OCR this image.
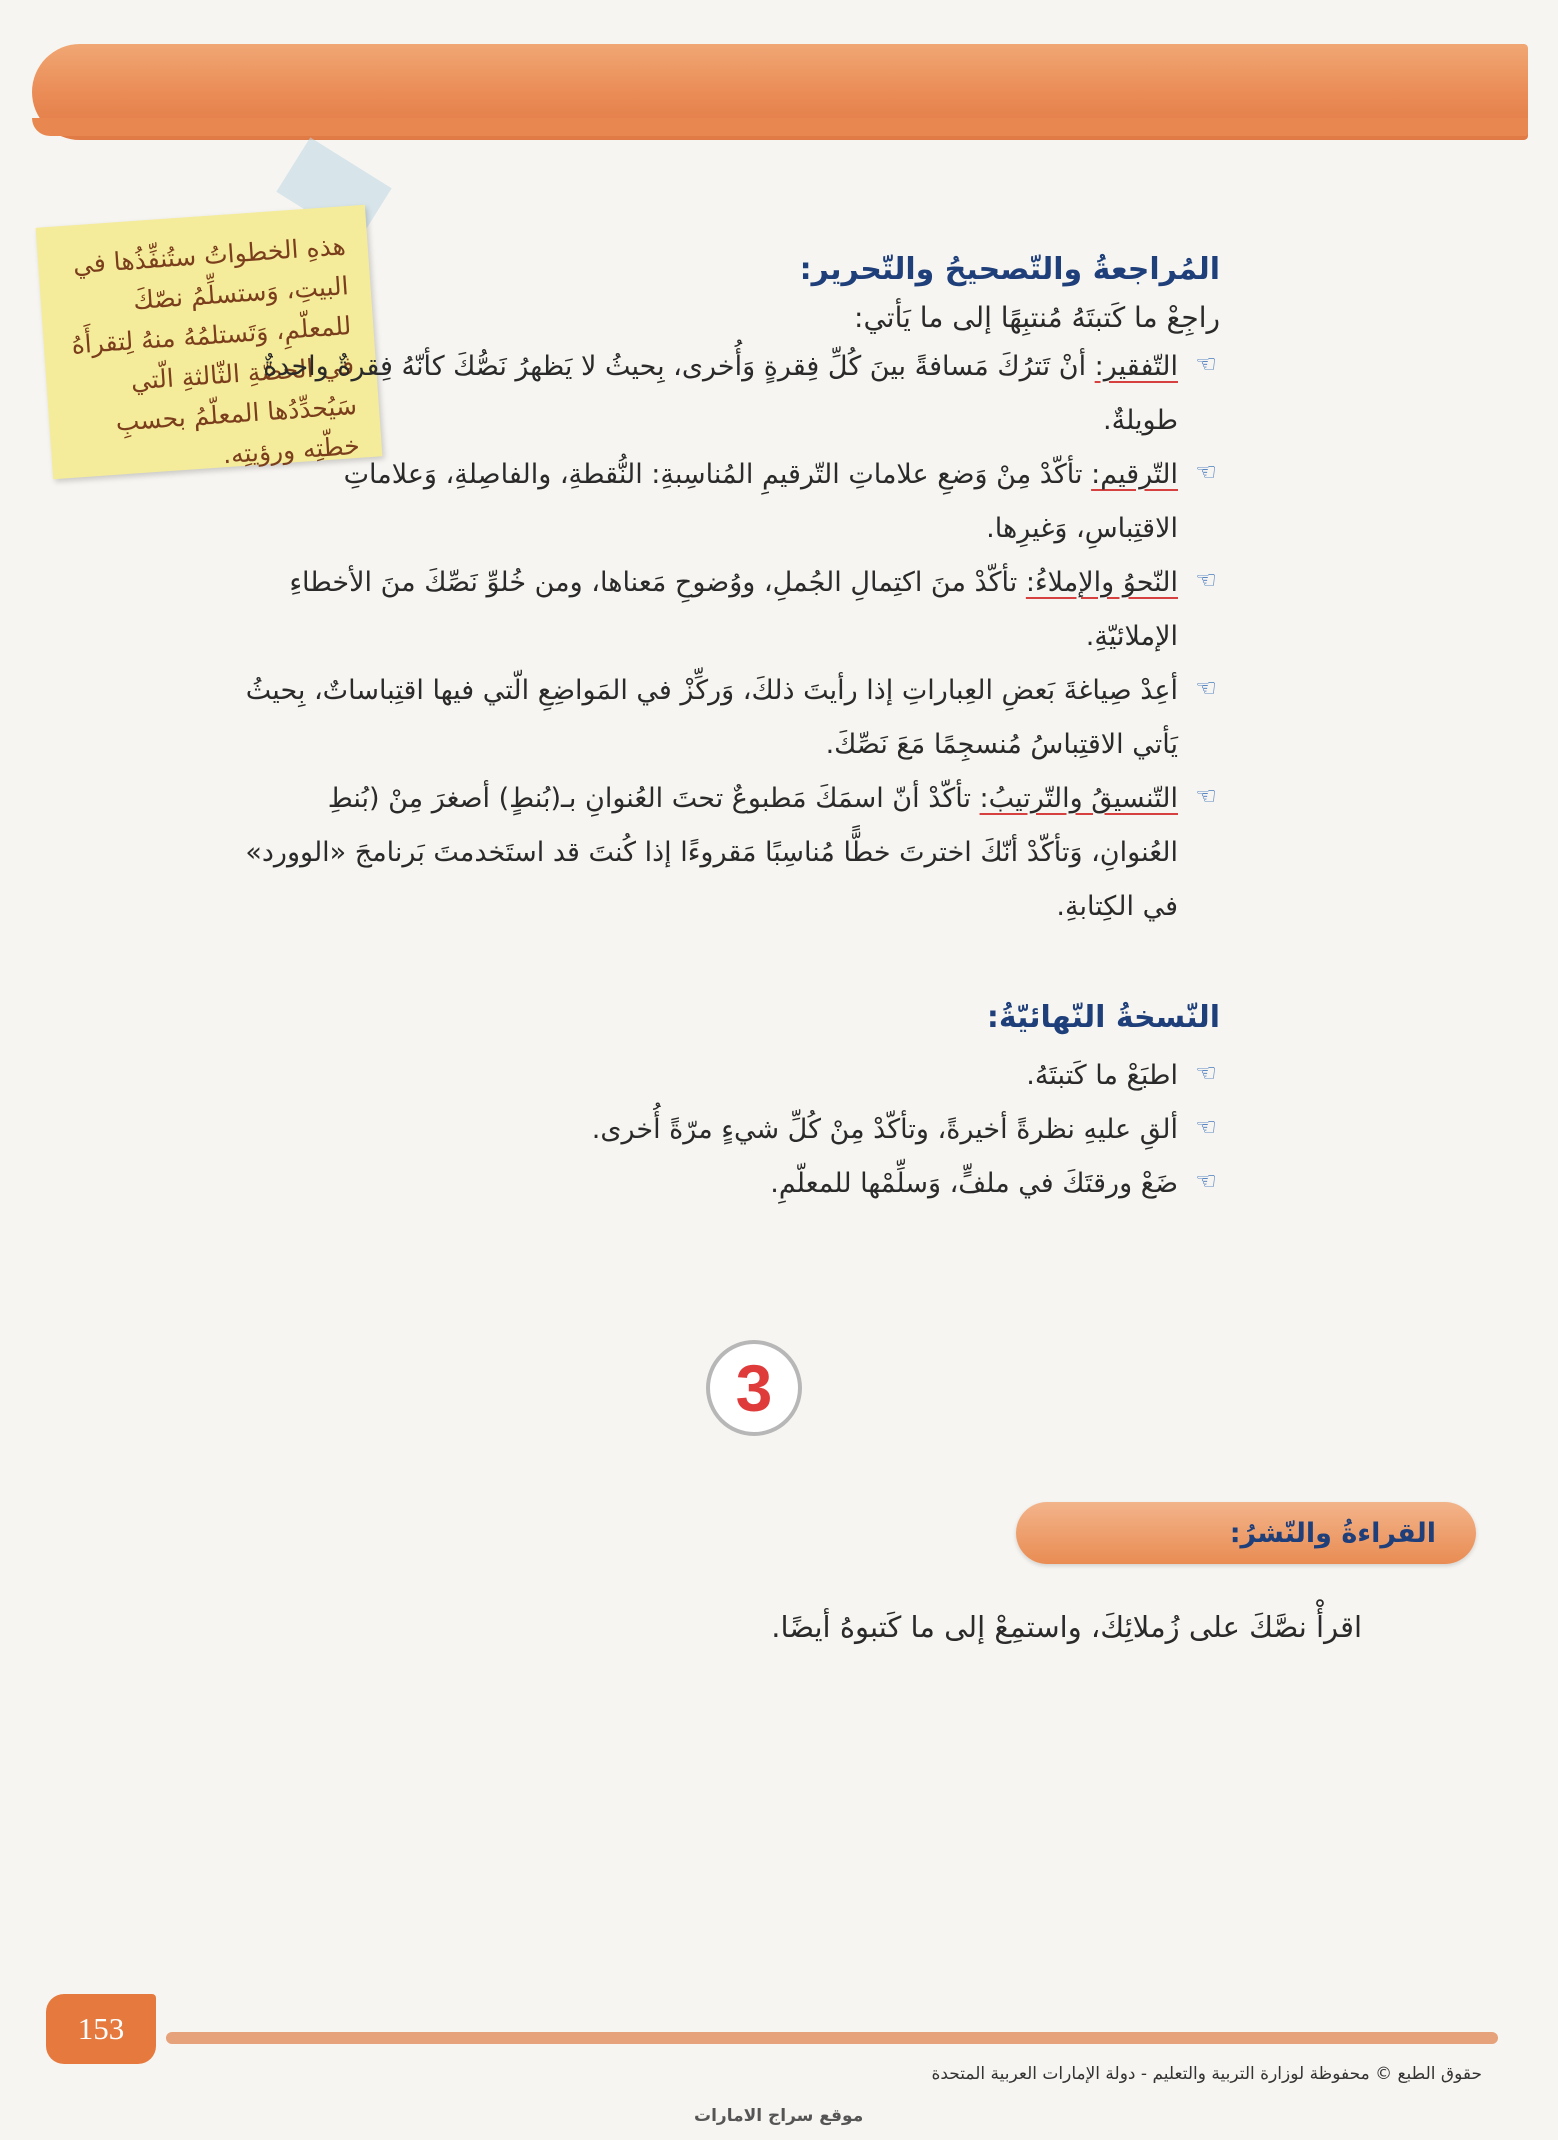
هذهِ الخطواتُ ستُنفِّذُها في البيتِ، وَستسلِّمُ نصّكَ للمعلّمِ، وَتَستلمُهُ منهُ لِتقرأَهُ في الحصّةِ الثّالثةِ الّتي سَيُحدِّدُها المعلّمُ بحسبِ خطّتِه ورؤيتِه.
المُراجعةُ والتّصحيحُ والتّحرير:
راجِعْ ما كَتبتَهُ مُنتبِهًا إلى ما يَأتي:
☜
التّفقير: أنْ تَترُكَ مَسافةً بينَ كُلِّ فِقرةٍ وَأُخرى، بِحيثُ لا يَظهرُ نَصُّكَ كأنّهُ فِقرةٌ واحدةٌ طويلةٌ.
☜
التّرقيم: تأكّدْ مِنْ وَضعِ علاماتِ التّرقيمِ المُناسِبةِ: النُّقطةِ، والفاصِلةِ، وَعلاماتِ الاقتِباسِ، وَغيرِها.
☜
النّحوُ والإملاءُ: تأكّدْ منَ اكتِمالِ الجُملِ، ووُضوحِ مَعناها، ومن خُلوِّ نَصِّكَ منَ الأخطاءِ الإملائيّةِ.
☜
أعِدْ صِياغةَ بَعضِ العِباراتِ إذا رأيتَ ذلكَ، وَركِّزْ في المَواضِعِ الّتي فيها اقتِباساتٌ، بِحيثُ يَأتي الاقتِباسُ مُنسجِمًا مَعَ نَصِّكَ.
☜
التّنسيقُ والتّرتيبُ: تأكّدْ أنّ اسمَكَ مَطبوعٌ تحتَ العُنوانِ بـ(بُنطٍ) أصغرَ مِنْ (بُنطِ العُنوانِ، وَتأكّدْ أنّكَ اخترتَ خطًّا مُناسِبًا مَقروءًا إذا كُنتَ قد استَخدمتَ بَرنامجَ «الوورد» في الكِتابةِ.
النّسخةُ النّهائيّةُ:
☜
اطبَعْ ما كَتبتَهُ.
☜
ألقِ عليهِ نظرةً أخيرةً، وتأكّدْ مِنْ كُلِّ شيءٍ مرّةً أُخرى.
☜
ضَعْ ورقتَكَ في ملفٍّ، وَسلِّمْها للمعلّمِ.
3
القراءةُ والنّشرُ:
اقرأْ نصَّكَ على زُملائِكَ، واستمِعْ إلى ما كَتبوهُ أيضًا.
153
حقوق الطبع © محفوظة لوزارة التربية والتعليم - دولة الإمارات العربية المتحدة
موقع سراج الامارات
